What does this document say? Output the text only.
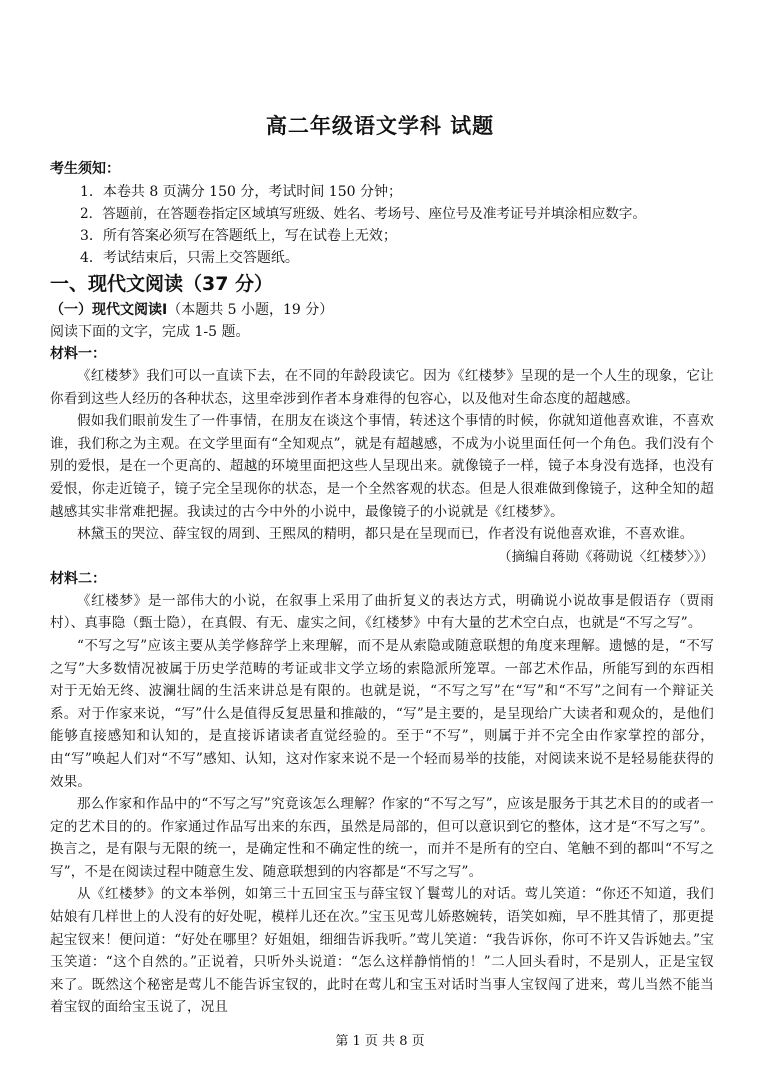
高二年级语文学科 试题

考生须知：

1．本卷共 8 页满分 150 分，考试时间 150 分钟；

2．答题前，在答题卷指定区域填写班级、姓名、考场号、座位号及准考证号并填涂相应数字。

3．所有答案必须写在答题纸上，写在试卷上无效；

4．考试结束后，只需上交答题纸。

一、现代文阅读（37 分）

（一）现代文阅读Ⅰ（本题共 5 小题，19 分）

阅读下面的文字，完成 1-5 题。

材料一：

《红楼梦》我们可以一直读下去，在不同的年龄段读它。因为《红楼梦》呈现的是一个人生的现象，它让你看到这些人经历的各种状态，这里牵涉到作者本身难得的包容心，以及他对生命态度的超越感。

假如我们眼前发生了一件事情，在朋友在谈这个事情，转述这个事情的时候，你就知道他喜欢谁，不喜欢谁，我们称之为主观。在文学里面有“全知观点”，就是有超越感，不成为小说里面任何一个角色。我们没有个别的爱恨，是在一个更高的、超越的环境里面把这些人呈现出来。就像镜子一样，镜子本身没有选择，也没有爱恨，你走近镜子，镜子完全呈现你的状态，是一个全然客观的状态。但是人很难做到像镜子，这种全知的超越感其实非常难把握。我读过的古今中外的小说中，最像镜子的小说就是《红楼梦》。

林黛玉的哭泣、薛宝钗的周到、王熙凤的精明，都只是在呈现而已，作者没有说他喜欢谁，不喜欢谁。

（摘编自蒋勋《蒋勋说〈红楼梦〉》）

材料二：

《红楼梦》是一部伟大的小说，在叙事上采用了曲折复义的表达方式，明确说小说故事是假语存（贾雨村）、真事隐（甄士隐），在真假、有无、虚实之间，《红楼梦》中有大量的艺术空白点，也就是“不写之写”。

“不写之写”应该主要从美学修辞学上来理解，而不是从索隐或随意联想的角度来理解。遗憾的是，“不写之写”大多数情况被属于历史学范畴的考证或非文学立场的索隐派所笼罩。一部艺术作品，所能写到的东西相对于无始无终、波澜壮阔的生活来讲总是有限的。也就是说，“不写之写”在“写”和“不写”之间有一个辩证关系。对于作家来说，“写”什么是值得反复思量和推敲的，“写”是主要的，是呈现给广大读者和观众的，是他们能够直接感知和认知的，是直接诉诸读者直觉经验的。至于“不写”，则属于并不完全由作家掌控的部分，由“写”唤起人们对“不写”感知、认知，这对作家来说不是一个轻而易举的技能，对阅读来说不是轻易能获得的效果。

那么作家和作品中的“不写之写”究竟该怎么理解？作家的“不写之写”，应该是服务于其艺术目的的或者一定的艺术目的的。作家通过作品写出来的东西，虽然是局部的，但可以意识到它的整体，这才是“不写之写”。换言之，是有限与无限的统一，是确定性和不确定性的统一，而并不是所有的空白、笔触不到的都叫“不写之写”，不是在阅读过程中随意生发、随意联想到的内容都是“不写之写”。

从《红楼梦》的文本举例，如第三十五回宝玉与薛宝钗丫鬟莺儿的对话。莺儿笑道：“你还不知道，我们姑娘有几样世上的人没有的好处呢，模样儿还在次。”宝玉见莺儿娇憨婉转，语笑如痴，早不胜其情了，那更提起宝钗来！便问道：“好处在哪里？好姐姐，细细告诉我听。”莺儿笑道：“我告诉你，你可不许又告诉她去。”宝玉笑道：“这个自然的。”正说着，只听外头说道：“怎么这样静悄悄的！”二人回头看时，不是别人，正是宝钗来了。既然这个秘密是莺儿不能告诉宝钗的，此时在莺儿和宝玉对话时当事人宝钗闯了进来，莺儿当然不能当着宝钗的面给宝玉说了，况且

第 1 页 共 8 页
